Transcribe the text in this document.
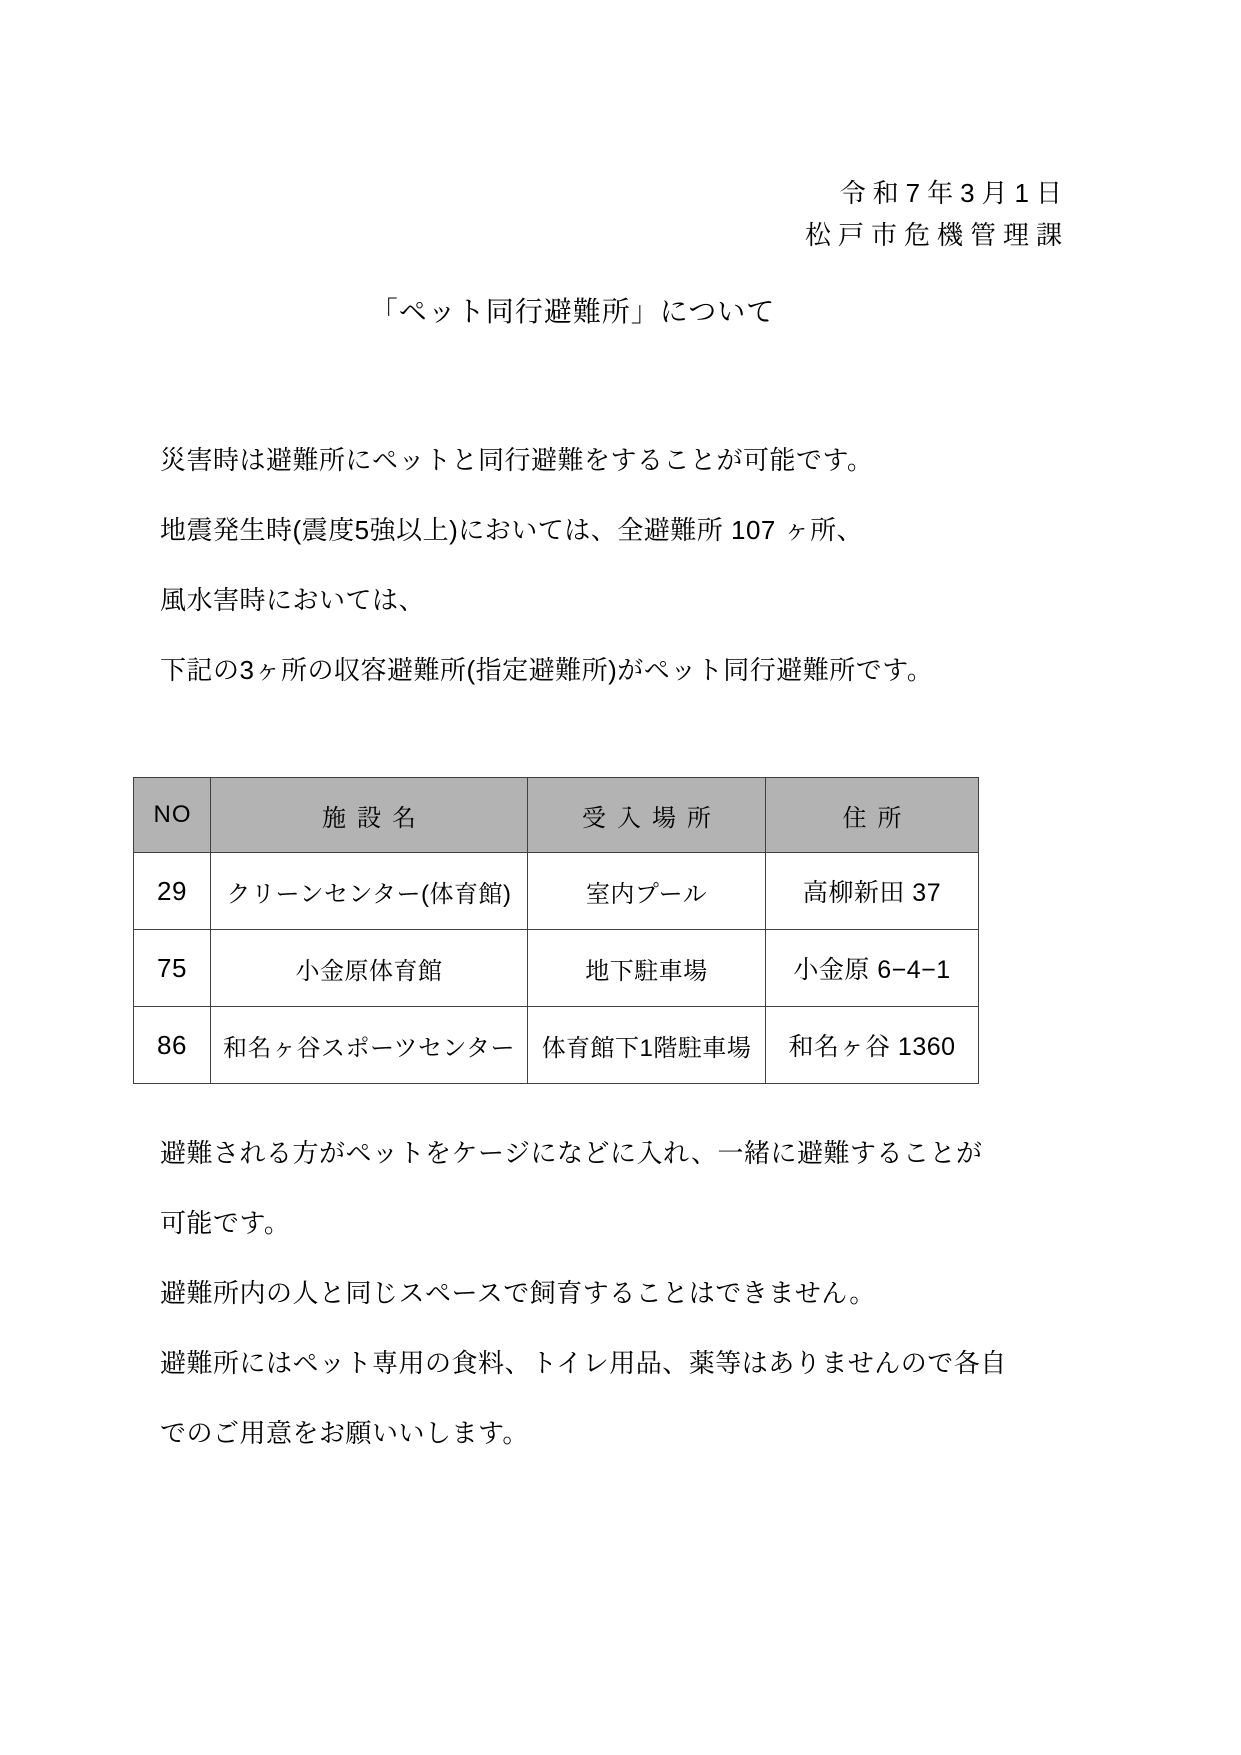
令和7年3月1日
松戸市危機管理課
「ペット同行避難所」について

災害時は避難所にペットと同行避難をすることが可能です。

地震発生時(震度5強以上)においては、全避難所 107 ヶ所、

風水害時においては、

下記の3ヶ所の収容避難所(指定避難所)がペット同行避難所です。

NO	施設名	受入場所	住所
29	クリーンセンター(体育館)	室内プール	高柳新田 37
75	小金原体育館	地下駐車場	小金原 6−4−1
86	和名ヶ谷スポーツセンター	体育館下1階駐車場	和名ヶ谷 1360

避難される方がペットをケージになどに入れ、一緒に避難することが

可能です。

避難所内の人と同じスペースで飼育することはできません。

避難所にはペット専用の食料、トイレ用品、薬等はありませんので各自

でのご用意をお願いいします。
